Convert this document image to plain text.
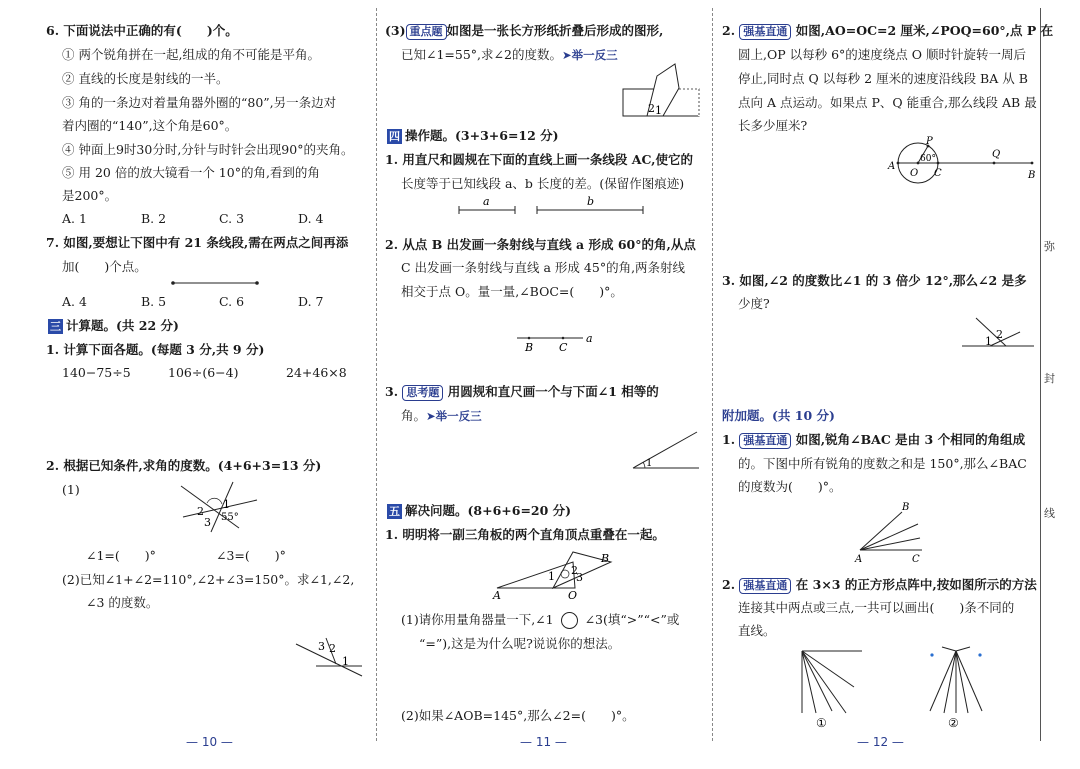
弥
封
线
6. 下面说法中正确的有(　　)个。
① 两个锐角拼在一起,组成的角不可能是平角。
② 直线的长度是射线的一半。
③ 角的一条边对着量角器外圈的“80”,另一条边对
着内圈的“140”,这个角是60°。
④ 钟面上9时30分时,分针与时针会出现90°的夹角。
⑤ 用 20 倍的放大镜看一个 10°的角,看到的角
是200°。
A. 1	B. 2	C. 3	D. 4
7. 如图,要想让下图中有 21 条线段,需在两点之间再添
加(　　)个点。
A. 4	B. 5	C. 6	D. 7
三 计算题。(共 22 分)
1. 计算下面各题。(每题 3 分,共 9 分)
140−75÷5	106÷(6−4)	24+46×8
2. 根据已知条件,求角的度数。(4+6+3=13 分)
(1)
2
1
3 55°
∠1=(　　)°	∠3=(　　)°
(2)已知∠1+∠2=110°,∠2+∠3=150°。求∠1,∠2,
∠3 的度数。
3 2
1
— 10 —
(3) 重点题 如图是一张长方形纸折叠后形成的图形,
已知∠1=55°,求∠2的度数。➤举一反三
2 1
四 操作题。(3+3+6=12 分)
1. 用直尺和圆规在下面的直线上画一条线段 AC,使它的
长度等于已知线段 a、b 长度的差。(保留作图痕迹)
a	b
2. 从点 B 出发画一条射线与直线 a 形成 60°的角,从点
C 出发画一条射线与直线 a 形成 45°的角,两条射线
相交于点 O。量一量,∠BOC=(　　)°。
B C
a
3. 思考题 用圆规和直尺画一个与下面∠1 相等的
角。➤举一反三
1
五 解决问题。(8+6+6=20 分)
1. 明明将一副三角板的两个直角顶点重叠在一起。
A
B
O
1 2
3
(1)请你用量角器量一下,∠1 ∠3(填“>”“<”或
“=”),这是为什么呢?说说你的想法。
(2)如果∠AOB=145°,那么∠2=(　　)°。
— 11 —
2. 强基直通 如图,AO=OC=2 厘米,∠POQ=60°,点 P 在
圆上,OP 以每秒 6°的速度绕点 O 顺时针旋转一周后
停止,同时点 Q 以每秒 2 厘米的速度沿线段 BA 从 B
点向 A 点运动。如果点 P、Q 能重合,那么线段 AB 最
长多少厘米?
A
O C
P
Q
B
60°
3. 如图,∠2 的度数比∠1 的 3 倍少 12°,那么∠2 是多
少度?
1
2
附加题。(共 10 分)
1. 强基直通 如图,锐角∠BAC 是由 3 个相同的角组成
的。下图中所有锐角的度数之和是 150°,那么∠BAC
的度数为(　　)°。
A
B
C
2. 强基直通 在 3×3 的正方形点阵中,按如图所示的方法
连接其中两点或三点,一共可以画出(　　)条不同的
直线。
①	②
— 12 —
